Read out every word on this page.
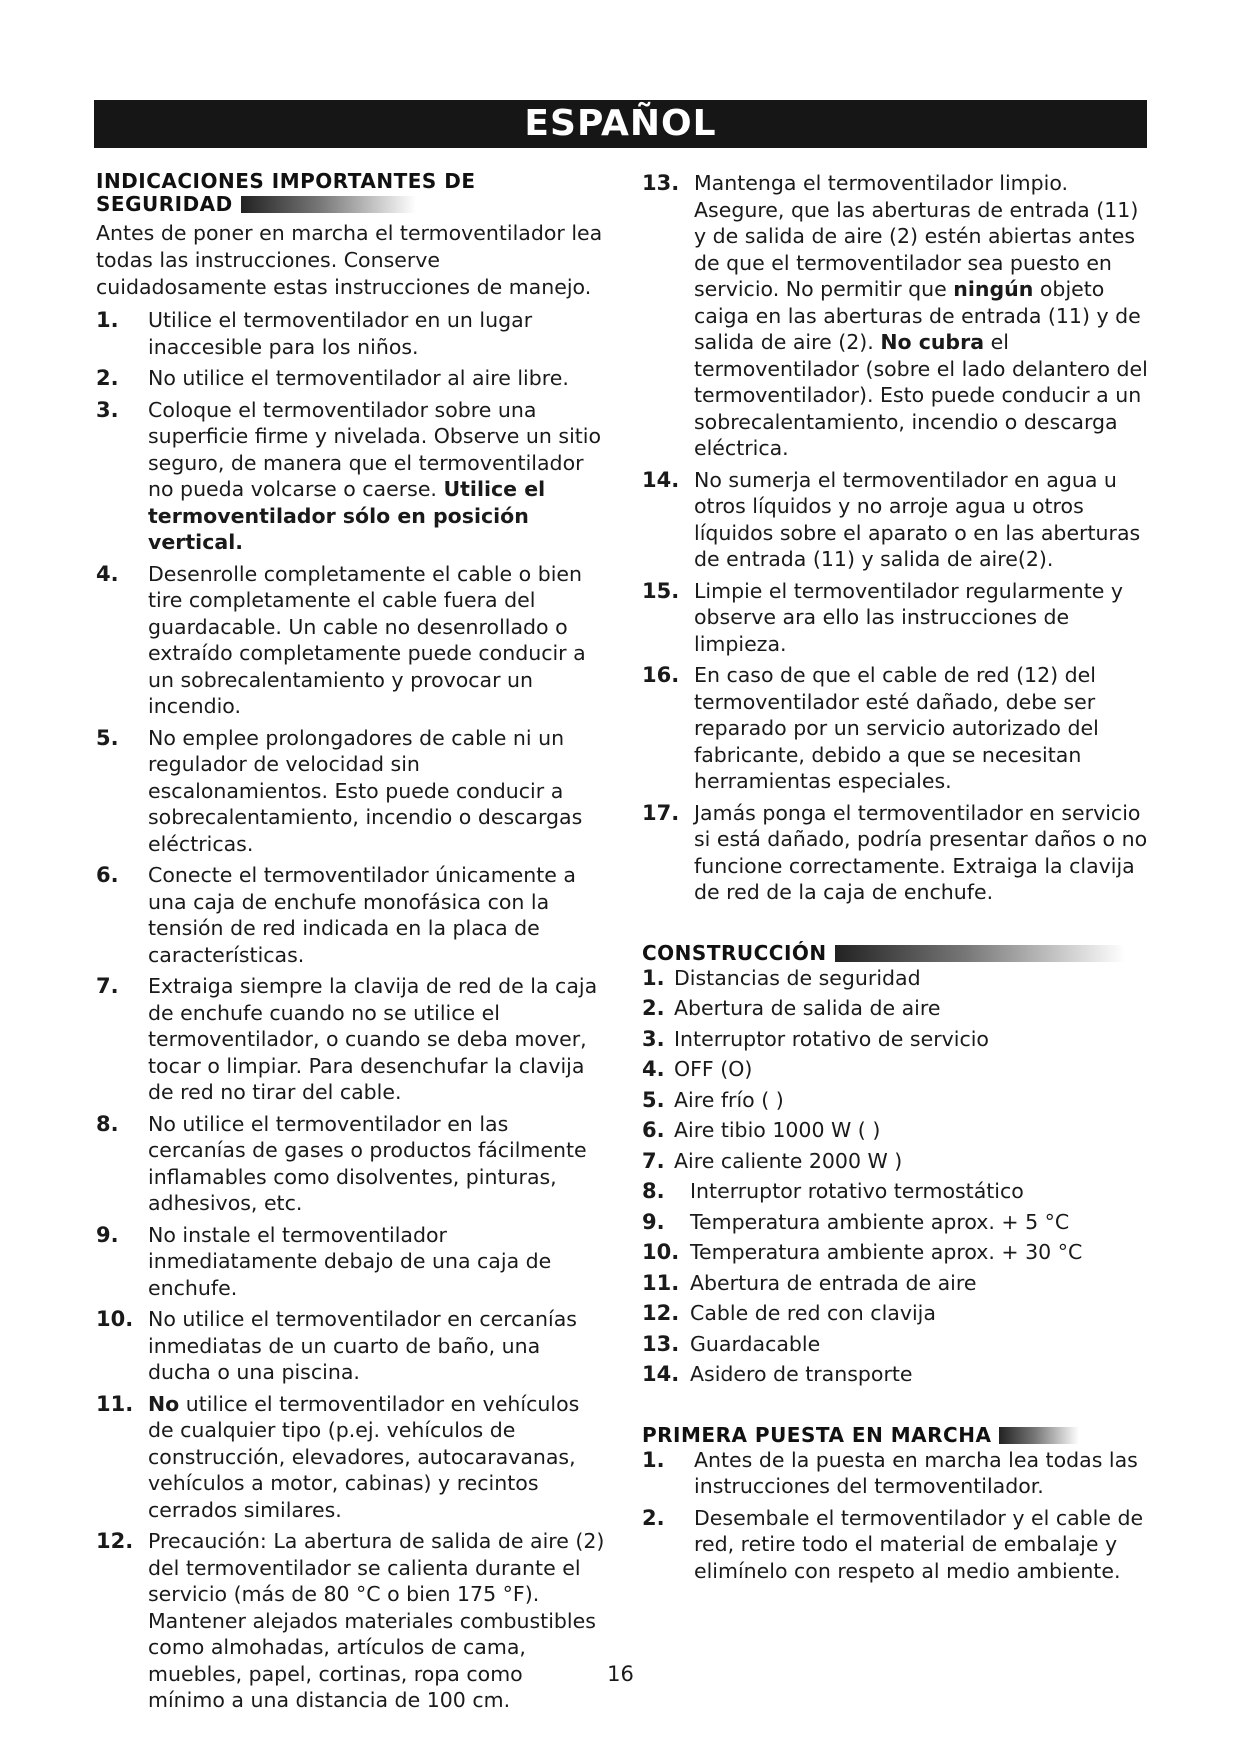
ESPAÑOL
INDICACIONES IMPORTANTES DE SEGURIDAD

Antes de poner en marcha el termoventilador lea todas las instrucciones. Conserve cuidadosamente estas instrucciones de manejo.

1. Utilice el termoventilador en un lugar inaccesible para los niños.
2. No utilice el termoventilador al aire libre.
3. Coloque el termoventilador sobre una superficie firme y nivelada. Observe un sitio seguro, de manera que el termoventilador no pueda volcarse o caerse. Utilice el termoventilador sólo en posición vertical.
4. Desenrolle completamente el cable o bien tire completamente el cable fuera del guardacable. Un cable no desenrollado o extraído completamente puede conducir a un sobrecalentamiento y provocar un incendio.
5. No emplee prolongadores de cable ni un regulador de velocidad sin escalonamientos. Esto puede conducir a sobrecalentamiento, incendio o descargas eléctricas.
6. Conecte el termoventilador únicamente a una caja de enchufe monofásica con la tensión de red indicada en la placa de características.
7. Extraiga siempre la clavija de red de la caja de enchufe cuando no se utilice el termoventilador, o cuando se deba mover, tocar o limpiar. Para desenchufar la clavija de red no tirar del cable.
8. No utilice el termoventilador en las cercanías de gases o productos fácilmente inflamables como disolventes, pinturas, adhesivos, etc.
9. No instale el termoventilador inmediatamente debajo de una caja de enchufe.
10. No utilice el termoventilador en cercanías inmediatas de un cuarto de baño, una ducha o una piscina.
11. No utilice el termoventilador en vehículos de cualquier tipo (p.ej. vehículos de construcción, elevadores, autocaravanas, vehículos a motor, cabinas) y recintos cerrados similares.
12. Precaución: La abertura de salida de aire (2) del termoventilador se calienta durante el servicio (más de 80 °C o bien 175 °F). Mantener alejados materiales combustibles como almohadas, artículos de cama, muebles, papel, cortinas, ropa como mínimo a una distancia de 100 cm.
13. Mantenga el termoventilador limpio. Asegure, que las aberturas de entrada (11) y de salida de aire (2) estén abiertas antes de que el termoventilador sea puesto en servicio. No permitir que ningún objeto caiga en las aberturas de entrada (11) y de salida de aire (2). No cubra el termoventilador (sobre el lado delantero del termoventilador). Esto puede conducir a un sobrecalentamiento, incendio o descarga eléctrica.
14. No sumerja el termoventilador en agua u otros líquidos y no arroje agua u otros líquidos sobre el aparato o en las aberturas de entrada (11) y salida de aire(2).
15. Limpie el termoventilador regularmente y observe ara ello las instrucciones de limpieza.
16. En caso de que el cable de red (12) del termoventilador esté dañado, debe ser reparado por un servicio autorizado del fabricante, debido a que se necesitan herramientas especiales.
17. Jamás ponga el termoventilador en servicio si está dañado, podría presentar daños o no funcione correctamente. Extraiga la clavija de red de la caja de enchufe.
CONSTRUCCIÓN
1. Distancias de seguridad
2. Abertura de salida de aire
3. Interruptor rotativo de servicio
4. OFF (O)
5. Aire frío ( )
6. Aire tibio 1000 W ( )
7. Aire caliente 2000 W )
8. Interruptor rotativo termostático
9. Temperatura ambiente aprox. + 5 °C
10. Temperatura ambiente aprox. + 30 °C
11. Abertura de entrada de aire
12. Cable de red con clavija
13. Guardacable
14. Asidero de transporte
PRIMERA PUESTA EN MARCHA
1. Antes de la puesta en marcha lea todas las instrucciones del termoventilador.
2. Desembale el termoventilador y el cable de red, retire todo el material de embalaje y elimínelo con respeto al medio ambiente.
16
